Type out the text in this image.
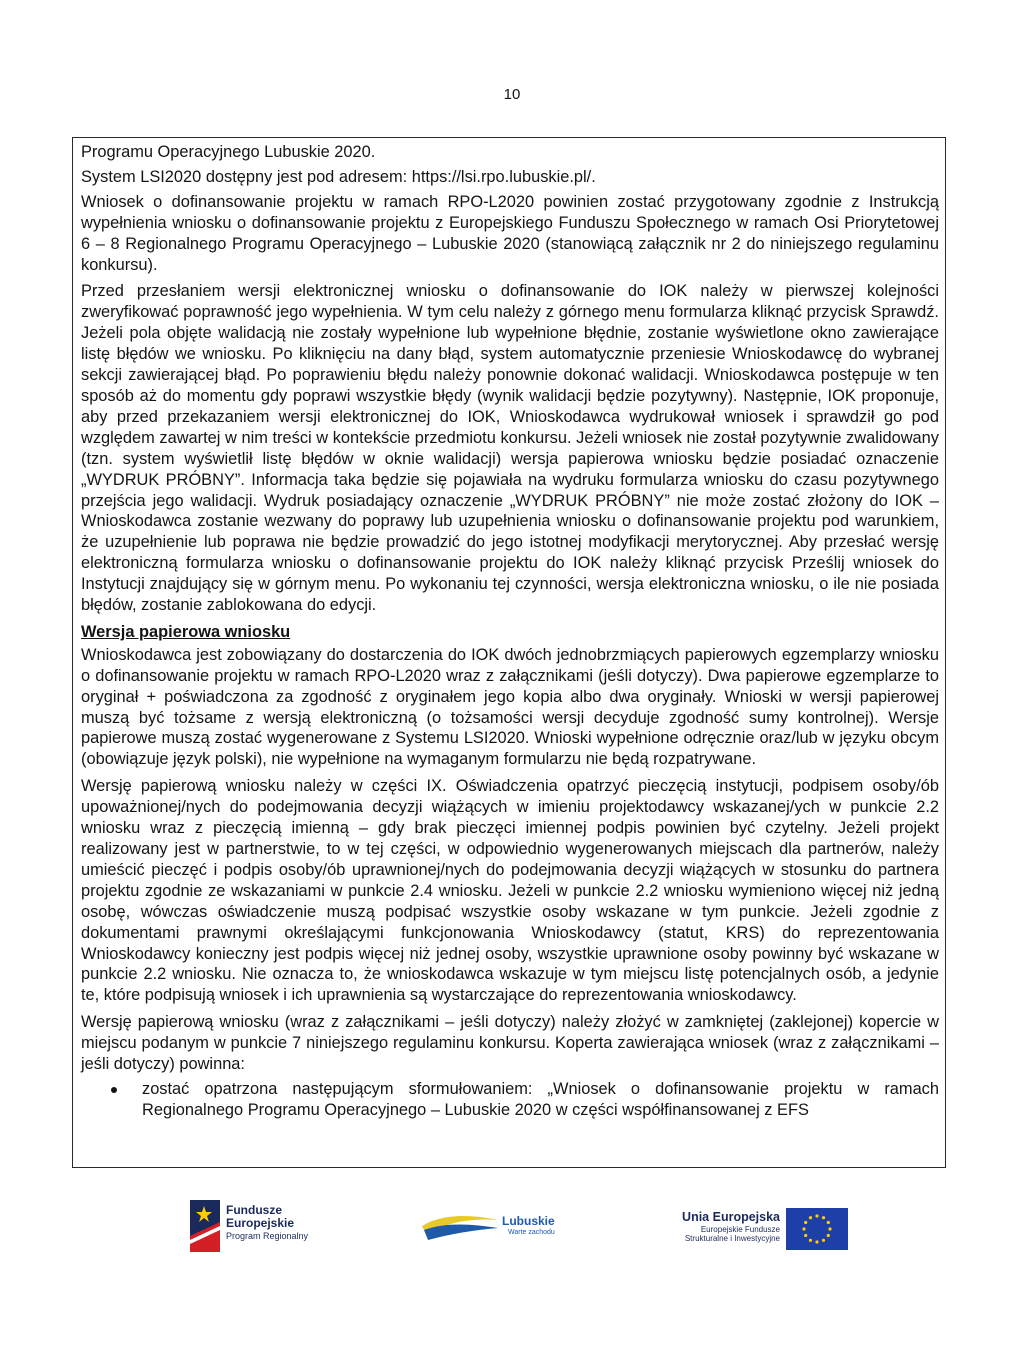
10

Programu Operacyjnego Lubuskie 2020.

System LSI2020 dostępny jest pod adresem: https://lsi.rpo.lubuskie.pl/.

Wniosek o dofinansowanie projektu w ramach RPO-L2020 powinien zostać przygotowany zgodnie z Instrukcją wypełnienia wniosku o dofinansowanie projektu z Europejskiego Funduszu Społecznego w ramach Osi Priorytetowej 6 – 8 Regionalnego Programu Operacyjnego – Lubuskie 2020 (stanowiącą załącznik nr 2 do niniejszego regulaminu konkursu).

Przed przesłaniem wersji elektronicznej wniosku o dofinansowanie do IOK należy w pierwszej kolejności zweryfikować poprawność jego wypełnienia. W tym celu należy z górnego menu formularza kliknąć przycisk Sprawdź. Jeżeli pola objęte walidacją nie zostały wypełnione lub wypełnione błędnie, zostanie wyświetlone okno zawierające listę błędów we wniosku. Po kliknięciu na dany błąd, system automatycznie przeniesie Wnioskodawcę do wybranej sekcji zawierającej błąd. Po poprawieniu błędu należy ponownie dokonać walidacji. Wnioskodawca postępuje w ten sposób aż do momentu gdy poprawi wszystkie błędy (wynik walidacji będzie pozytywny). Następnie, IOK proponuje, aby przed przekazaniem wersji elektronicznej do IOK, Wnioskodawca wydrukował wniosek i sprawdził go pod względem zawartej w nim treści w kontekście przedmiotu konkursu. Jeżeli wniosek nie został pozytywnie zwalidowany (tzn. system wyświetlił listę błędów w oknie walidacji) wersja papierowa wniosku będzie posiadać oznaczenie „WYDRUK PRÓBNY”. Informacja taka będzie się pojawiała na wydruku formularza wniosku do czasu pozytywnego przejścia jego walidacji. Wydruk posiadający oznaczenie „WYDRUK PRÓBNY” nie może zostać złożony do IOK – Wnioskodawca zostanie wezwany do poprawy lub uzupełnienia wniosku o dofinansowanie projektu pod warunkiem, że uzupełnienie lub poprawa nie będzie prowadzić do jego istotnej modyfikacji merytorycznej. Aby przesłać wersję elektroniczną formularza wniosku o dofinansowanie projektu do IOK należy kliknąć przycisk Prześlij wniosek do Instytucji znajdujący się w górnym menu. Po wykonaniu tej czynności, wersja elektroniczna wniosku, o ile nie posiada błędów, zostanie zablokowana do edycji.

Wersja papierowa wniosku

Wnioskodawca jest zobowiązany do dostarczenia do IOK dwóch jednobrzmiących papierowych egzemplarzy wniosku o dofinansowanie projektu w ramach RPO-L2020 wraz z załącznikami (jeśli dotyczy). Dwa papierowe egzemplarze to oryginał + poświadczona za zgodność z oryginałem jego kopia albo dwa oryginały. Wnioski w wersji papierowej muszą być tożsame z wersją elektroniczną (o tożsamości wersji decyduje zgodność sumy kontrolnej). Wersje papierowe muszą zostać wygenerowane z Systemu LSI2020. Wnioski wypełnione odręcznie oraz/lub w języku obcym (obowiązuje język polski), nie wypełnione na wymaganym formularzu nie będą rozpatrywane.

Wersję papierową wniosku należy w części IX. Oświadczenia opatrzyć pieczęcią instytucji, podpisem osoby/ób upoważnionej/nych do podejmowania decyzji wiążących w imieniu projektodawcy wskazanej/ych w punkcie 2.2 wniosku wraz z pieczęcią imienną – gdy brak pieczęci imiennej podpis powinien być czytelny. Jeżeli projekt realizowany jest w partnerstwie, to w tej części, w odpowiednio wygenerowanych miejscach dla partnerów, należy umieścić pieczęć i podpis osoby/ób uprawnionej/nych do podejmowania decyzji wiążących w stosunku do partnera projektu zgodnie ze wskazaniami w punkcie 2.4 wniosku. Jeżeli w punkcie 2.2 wniosku wymieniono więcej niż jedną osobę, wówczas oświadczenie muszą podpisać wszystkie osoby wskazane w tym punkcie. Jeżeli zgodnie z dokumentami prawnymi określającymi funkcjonowania Wnioskodawcy (statut, KRS) do reprezentowania Wnioskodawcy konieczny jest podpis więcej niż jednej osoby, wszystkie uprawnione osoby powinny być wskazane w punkcie 2.2 wniosku. Nie oznacza to, że wnioskodawca wskazuje w tym miejscu listę potencjalnych osób, a jedynie te, które podpisują wniosek i ich uprawnienia są wystarczające do reprezentowania wnioskodawcy.

Wersję papierową wniosku (wraz z załącznikami – jeśli dotyczy) należy złożyć w zamkniętej (zaklejonej) kopercie w miejscu podanym w punkcie 7 niniejszego regulaminu konkursu. Koperta zawierająca wniosek (wraz z załącznikami – jeśli dotyczy) powinna:

zostać opatrzona następującym sformułowaniem: „Wniosek o dofinansowanie projektu w ramach Regionalnego Programu Operacyjnego – Lubuskie 2020 w części współfinansowanej z EFS
Fundusze
Europejskie
Program Regionalny
Lubuskie
Warte zachodu
Unia Europejska
Europejskie Fundusze
Strukturalne i Inwestycyjne
